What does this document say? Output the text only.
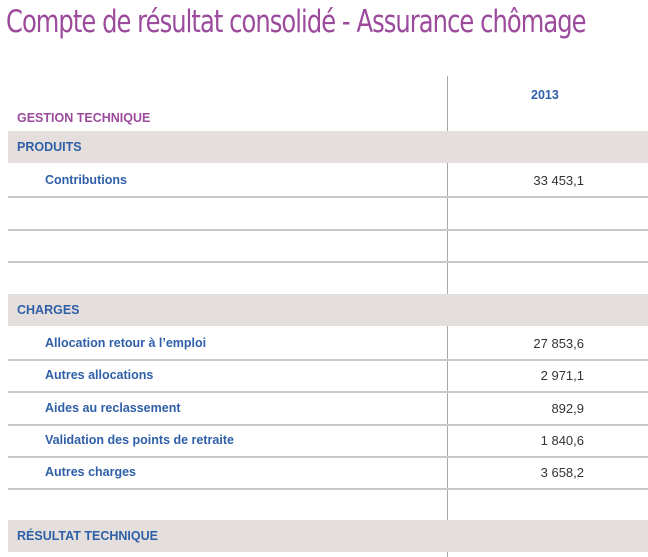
Compte de résultat consolidé - Assurance chômage
2013
GESTION TECHNIQUE
PRODUITS
Contributions	33 453,1
CHARGES
Allocation retour à l’emploi	27 853,6
Autres allocations	2 971,1
Aides au reclassement	892,9
Validation des points de retraite	1 840,6
Autres charges	3 658,2
RÉSULTAT TECHNIQUE
